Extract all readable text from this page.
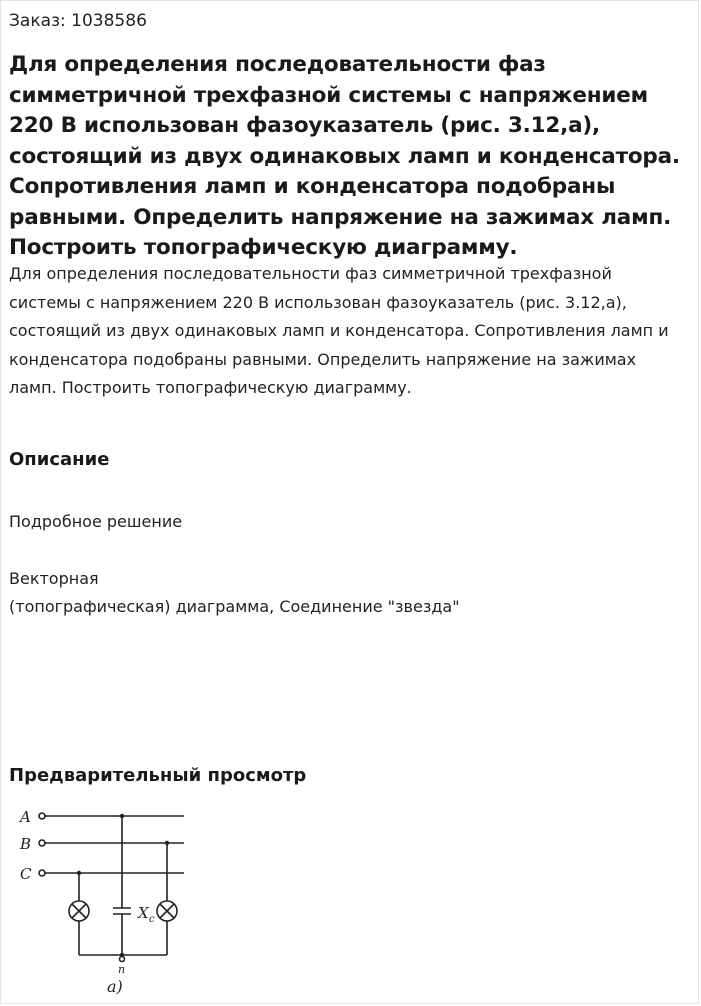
Заказ: 1038586
Для определения последовательности фаз симметричной трехфазной системы с напряжением 220 В использован фазоуказатель (рис. 3.12,а), состоящий из двух одинаковых ламп и конденсатора. Сопротивления ламп и конденсатора подобраны равными. Определить напряжение на зажимах ламп. Построить топографическую диаграмму.

Для определения последовательности фаз симметричной трехфазной системы с напряжением 220 В использован фазоуказатель (рис. 3.12,а), состоящий из двух одинаковых ламп и конденсатора. Сопротивления ламп и конденсатора подобраны равными. Определить напряжение на зажимах ламп. Построить топографическую диаграмму.

Описание

Подробное решение

Векторная
(топографическая) диаграмма, Соединение "звезда"

Предварительный просмотр
A
B
C
X c
n
а)
